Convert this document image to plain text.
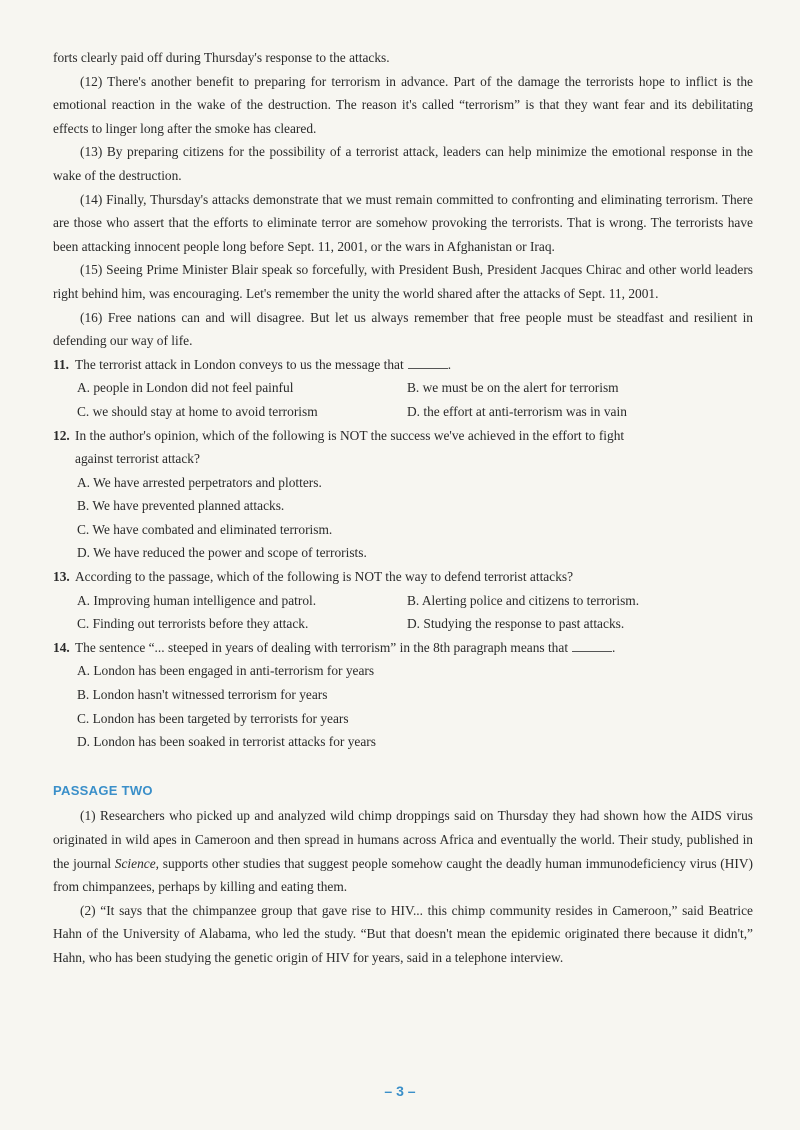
forts clearly paid off during Thursday's response to the attacks.

(12) There's another benefit to preparing for terrorism in advance. Part of the damage the terrorists hope to inflict is the emotional reaction in the wake of the destruction. The reason it's called “terrorism” is that they want fear and its debilitating effects to linger long after the smoke has cleared.

(13) By preparing citizens for the possibility of a terrorist attack, leaders can help minimize the emotional response in the wake of the destruction.

(14) Finally, Thursday's attacks demonstrate that we must remain committed to confronting and eliminating terrorism. There are those who assert that the efforts to eliminate terror are somehow provoking the terrorists. That is wrong. The terrorists have been attacking innocent people long before Sept. 11, 2001, or the wars in Afghanistan or Iraq.

(15) Seeing Prime Minister Blair speak so forcefully, with President Bush, President Jacques Chirac and other world leaders right behind him, was encouraging. Let's remember the unity the world shared after the attacks of Sept. 11, 2001.

(16) Free nations can and will disagree. But let us always remember that free people must be steadfast and resilient in defending our way of life.

11. The terrorist attack in London conveys to us the message that	.
A. people in London did not feel painful	B. we must be on the alert for terrorism
C. we should stay at home to avoid terrorism	D. the effort at anti-terrorism was in vain
12. In the author's opinion, which of the following is NOT the success we've achieved in the effort to fight
against terrorist attack?
A. We have arrested perpetrators and plotters.
B. We have prevented planned attacks.
C. We have combated and eliminated terrorism.
D. We have reduced the power and scope of terrorists.
13. According to the passage, which of the following is NOT the way to defend terrorist attacks?
A. Improving human intelligence and patrol.	B. Alerting police and citizens to terrorism.
C. Finding out terrorists before they attack.	D. Studying the response to past attacks.
14. The sentence “... steeped in years of dealing with terrorism” in the 8th paragraph means that	.
A. London has been engaged in anti-terrorism for years
B. London hasn't witnessed terrorism for years
C. London has been targeted by terrorists for years
D. London has been soaked in terrorist attacks for years
PASSAGE TWO

(1) Researchers who picked up and analyzed wild chimp droppings said on Thursday they had shown how the AIDS virus originated in wild apes in Cameroon and then spread in humans across Africa and eventually the world. Their study, published in the journal Science, supports other studies that suggest people somehow caught the deadly human immunodeficiency virus (HIV) from chimpanzees, perhaps by killing and eating them.

(2) “It says that the chimpanzee group that gave rise to HIV... this chimp community resides in Cameroon,” said Beatrice Hahn of the University of Alabama, who led the study. “But that doesn't mean the epidemic originated there because it didn't,” Hahn, who has been studying the genetic origin of HIV for years, said in a telephone interview.

– 3 –
